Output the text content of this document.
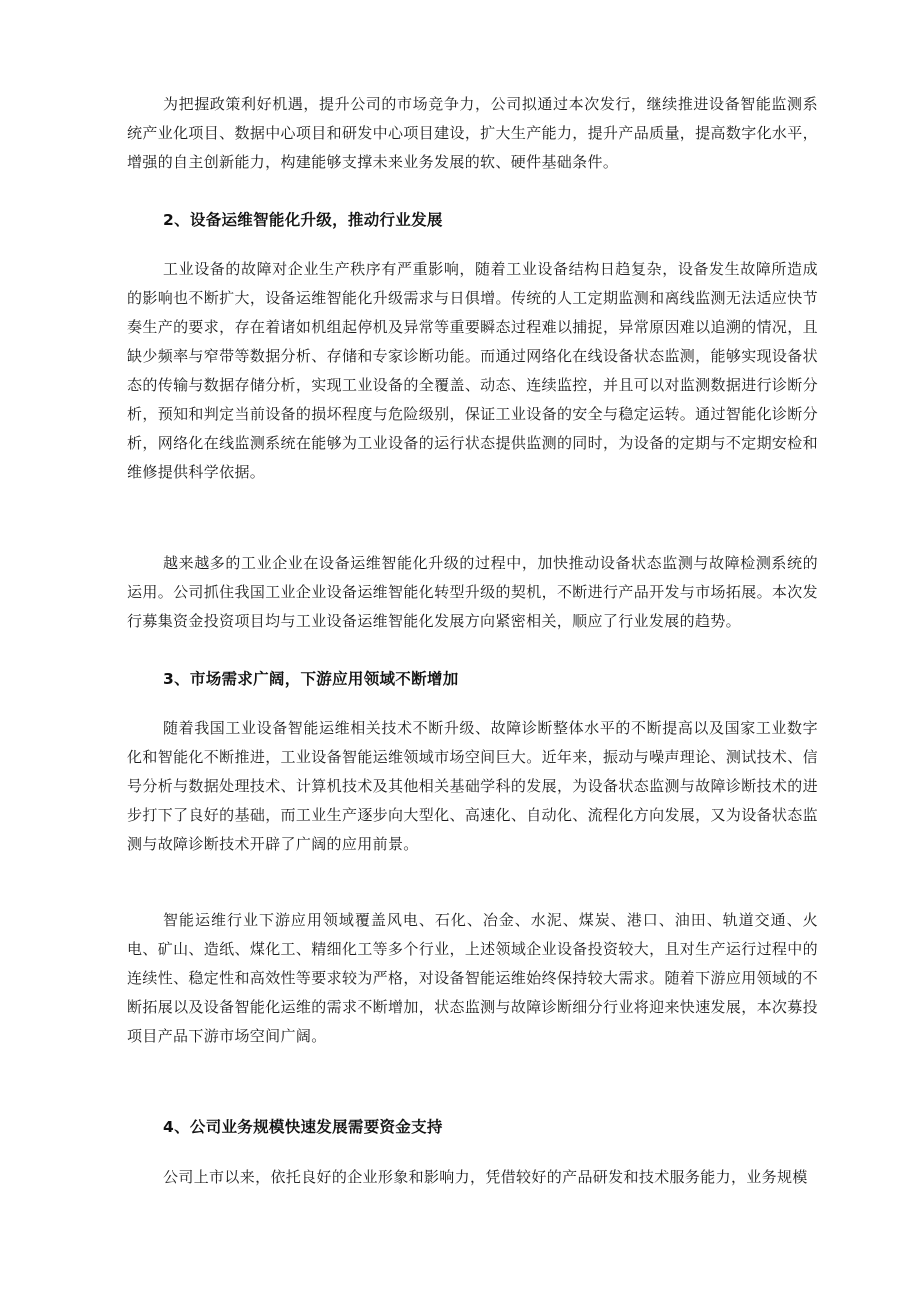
为把握政策利好机遇，提升公司的市场竞争力，公司拟通过本次发行，继续推进设备智能监测系统产业化项目、数据中心项目和研发中心项目建设，扩大生产能力，提升产品质量，提高数字化水平，增强的自主创新能力，构建能够支撑未来业务发展的软、硬件基础条件。

2、设备运维智能化升级，推动行业发展

工业设备的故障对企业生产秩序有严重影响，随着工业设备结构日趋复杂，设备发生故障所造成的影响也不断扩大，设备运维智能化升级需求与日俱增。传统的人工定期监测和离线监测无法适应快节奏生产的要求，存在着诸如机组起停机及异常等重要瞬态过程难以捕捉，异常原因难以追溯的情况，且缺少频率与窄带等数据分析、存储和专家诊断功能。而通过网络化在线设备状态监测，能够实现设备状态的传输与数据存储分析，实现工业设备的全覆盖、动态、连续监控，并且可以对监测数据进行诊断分析，预知和判定当前设备的损坏程度与危险级别，保证工业设备的安全与稳定运转。通过智能化诊断分析，网络化在线监测系统在能够为工业设备的运行状态提供监测的同时，为设备的定期与不定期安检和维修提供科学依据。

越来越多的工业企业在设备运维智能化升级的过程中，加快推动设备状态监测与故障检测系统的运用。公司抓住我国工业企业设备运维智能化转型升级的契机，不断进行产品开发与市场拓展。本次发行募集资金投资项目均与工业设备运维智能化发展方向紧密相关，顺应了行业发展的趋势。

3、市场需求广阔，下游应用领域不断增加

随着我国工业设备智能运维相关技术不断升级、故障诊断整体水平的不断提高以及国家工业数字化和智能化不断推进，工业设备智能运维领域市场空间巨大。近年来，振动与噪声理论、测试技术、信号分析与数据处理技术、计算机技术及其他相关基础学科的发展，为设备状态监测与故障诊断技术的进步打下了良好的基础，而工业生产逐步向大型化、高速化、自动化、流程化方向发展，又为设备状态监测与故障诊断技术开辟了广阔的应用前景。

智能运维行业下游应用领域覆盖风电、石化、冶金、水泥、煤炭、港口、油田、轨道交通、火电、矿山、造纸、煤化工、精细化工等多个行业，上述领域企业设备投资较大，且对生产运行过程中的连续性、稳定性和高效性等要求较为严格，对设备智能运维始终保持较大需求。随着下游应用领域的不断拓展以及设备智能化运维的需求不断增加，状态监测与故障诊断细分行业将迎来快速发展，本次募投项目产品下游市场空间广阔。

4、公司业务规模快速发展需要资金支持

公司上市以来，依托良好的企业形象和影响力，凭借较好的产品研发和技术服务能力，业务规模
